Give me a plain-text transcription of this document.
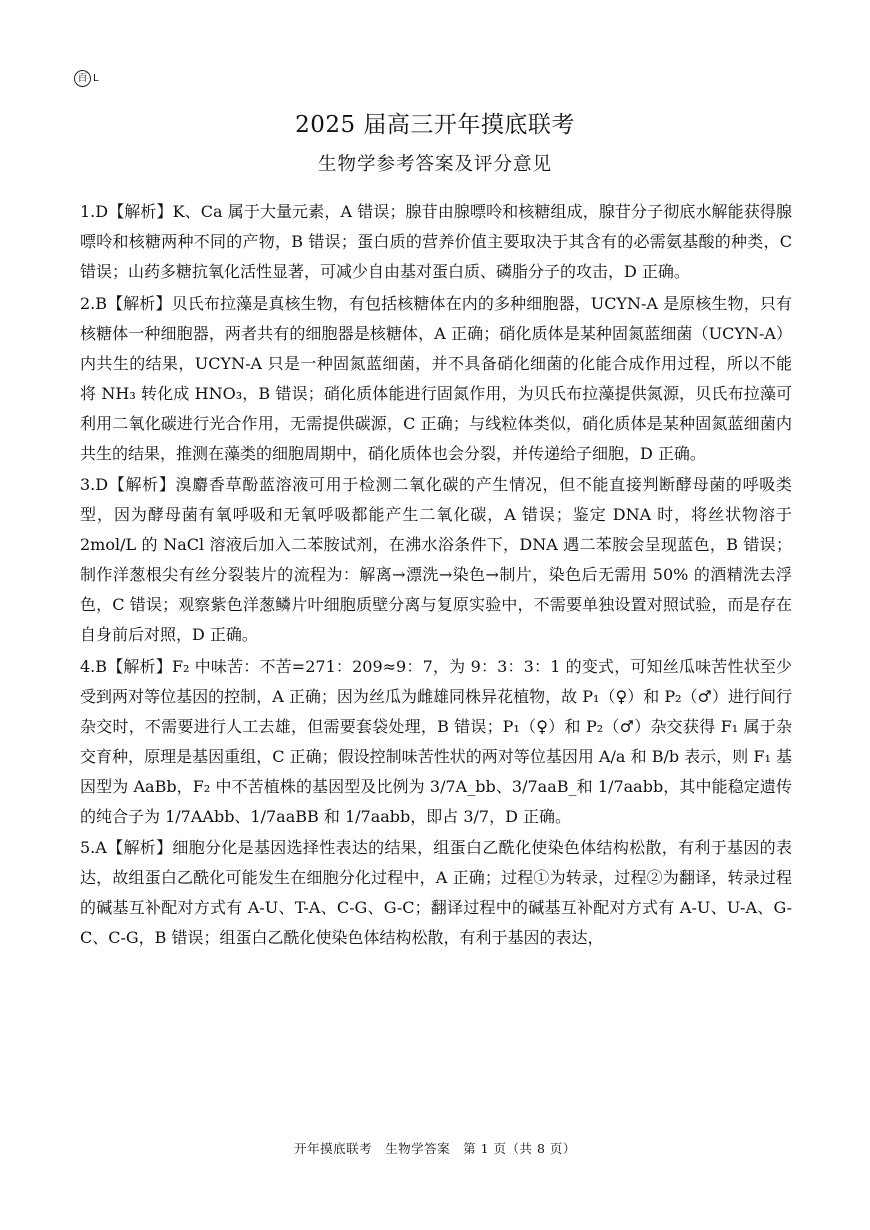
百 L
2025 届高三开年摸底联考
生物学参考答案及评分意见

1.D【解析】K、Ca 属于大量元素，A 错误；腺苷由腺嘌呤和核糖组成，腺苷分子彻底水解能获得腺嘌呤和核糖两种不同的产物，B 错误；蛋白质的营养价值主要取决于其含有的必需氨基酸的种类，C 错误；山药多糖抗氧化活性显著，可减少自由基对蛋白质、磷脂分子的攻击，D 正确。

2.B【解析】贝氏布拉藻是真核生物，有包括核糖体在内的多种细胞器，UCYN-A 是原核生物，只有核糖体一种细胞器，两者共有的细胞器是核糖体，A 正确；硝化质体是某种固氮蓝细菌（UCYN-A）内共生的结果，UCYN-A 只是一种固氮蓝细菌，并不具备硝化细菌的化能合成作用过程，所以不能将 NH₃ 转化成 HNO₃，B 错误；硝化质体能进行固氮作用，为贝氏布拉藻提供氮源，贝氏布拉藻可利用二氧化碳进行光合作用，无需提供碳源，C 正确；与线粒体类似，硝化质体是某种固氮蓝细菌内共生的结果，推测在藻类的细胞周期中，硝化质体也会分裂，并传递给子细胞，D 正确。

3.D【解析】溴麝香草酚蓝溶液可用于检测二氧化碳的产生情况，但不能直接判断酵母菌的呼吸类型，因为酵母菌有氧呼吸和无氧呼吸都能产生二氧化碳，A 错误；鉴定 DNA 时，将丝状物溶于 2mol/L 的 NaCl 溶液后加入二苯胺试剂，在沸水浴条件下，DNA 遇二苯胺会呈现蓝色，B 错误；制作洋葱根尖有丝分裂装片的流程为：解离→漂洗→染色→制片，染色后无需用 50% 的酒精洗去浮色，C 错误；观察紫色洋葱鳞片叶细胞质壁分离与复原实验中，不需要单独设置对照试验，而是存在自身前后对照，D 正确。

4.B【解析】F₂ 中味苦：不苦=271：209≈9：7，为 9：3：3：1 的变式，可知丝瓜味苦性状至少受到两对等位基因的控制，A 正确；因为丝瓜为雌雄同株异花植物，故 P₁（♀）和 P₂（♂）进行间行杂交时，不需要进行人工去雄，但需要套袋处理，B 错误；P₁（♀）和 P₂（♂）杂交获得 F₁ 属于杂交育种，原理是基因重组，C 正确；假设控制味苦性状的两对等位基因用 A/a 和 B/b 表示，则 F₁ 基因型为 AaBb，F₂ 中不苦植株的基因型及比例为 3/7A_bb、3/7aaB_和 1/7aabb，其中能稳定遗传的纯合子为 1/7AAbb、1/7aaBB 和 1/7aabb，即占 3/7，D 正确。

5.A【解析】细胞分化是基因选择性表达的结果，组蛋白乙酰化使染色体结构松散，有利于基因的表达，故组蛋白乙酰化可能发生在细胞分化过程中，A 正确；过程①为转录，过程②为翻译，转录过程的碱基互补配对方式有 A-U、T-A、C-G、G-C；翻译过程中的碱基互补配对方式有 A-U、U-A、G-C、C-G，B 错误；组蛋白乙酰化使染色体结构松散，有利于基因的表达，

开年摸底联考　生物学答案　第 1 页（共 8 页）
